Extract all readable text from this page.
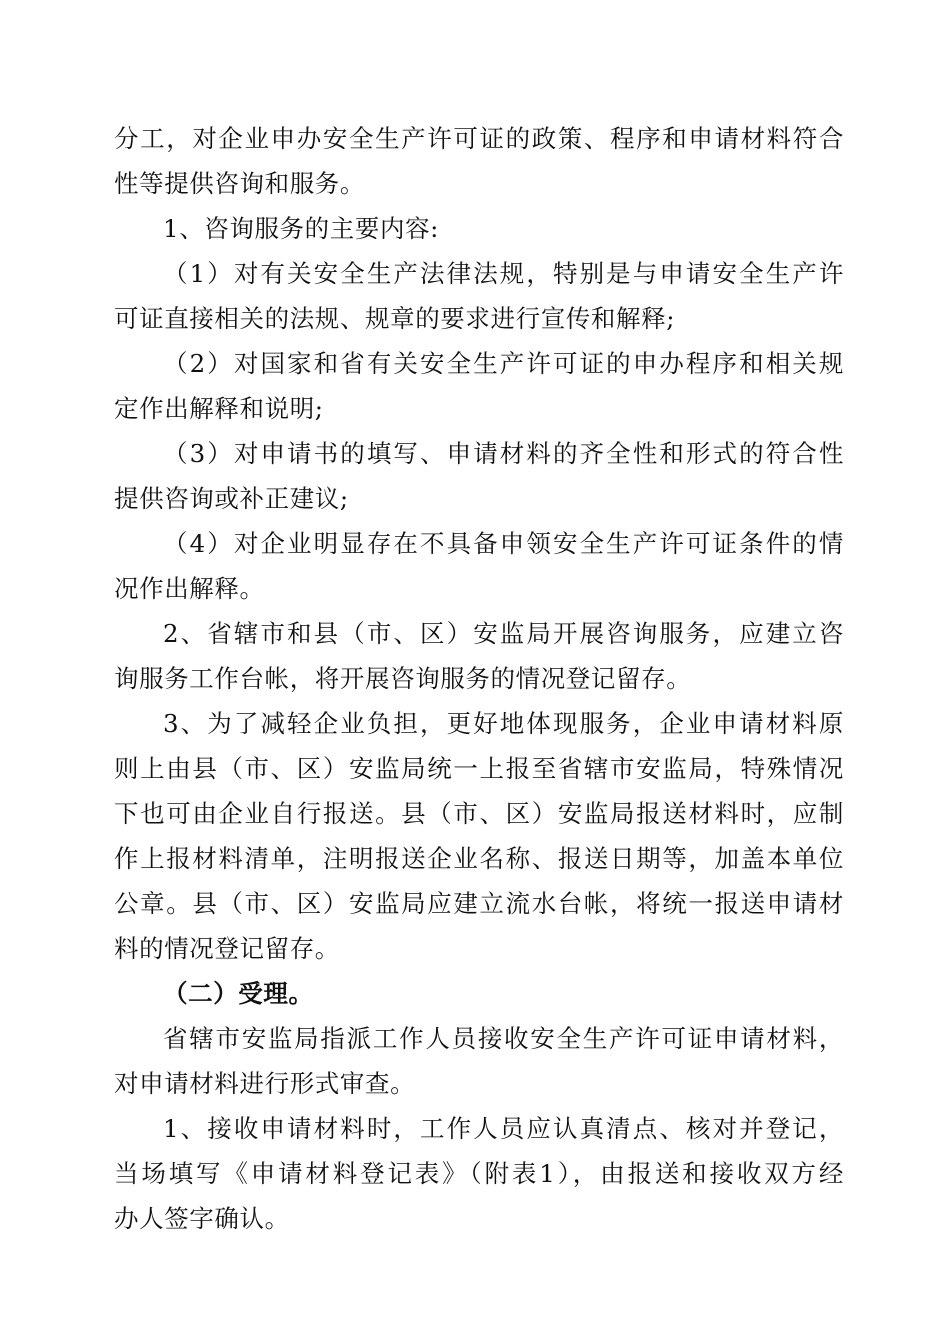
分工，对企业申办安全生产许可证的政策、程序和申请材料符合
性等提供咨询和服务。
1、咨询服务的主要内容:
（1）对有关安全生产法律法规，特别是与申请安全生产许
可证直接相关的法规、规章的要求进行宣传和解释;
（2）对国家和省有关安全生产许可证的申办程序和相关规
定作出解释和说明;
（3）对申请书的填写、申请材料的齐全性和形式的符合性
提供咨询或补正建议;
（4）对企业明显存在不具备申领安全生产许可证条件的情
况作出解释。
2、省辖市和县（市、区）安监局开展咨询服务，应建立咨
询服务工作台帐，将开展咨询服务的情况登记留存。
3、为了减轻企业负担，更好地体现服务，企业申请材料原
则上由县（市、区）安监局统一上报至省辖市安监局，特殊情况
下也可由企业自行报送。县（市、区）安监局报送材料时，应制
作上报材料清单，注明报送企业名称、报送日期等，加盖本单位
公章。县（市、区）安监局应建立流水台帐，将统一报送申请材
料的情况登记留存。
（二）受理。
省辖市安监局指派工作人员接收安全生产许可证申请材料，
对申请材料进行形式审查。
1、接收申请材料时，工作人员应认真清点、核对并登记，
当场填写《申请材料登记表》（附表1），由报送和接收双方经
办人签字确认。
